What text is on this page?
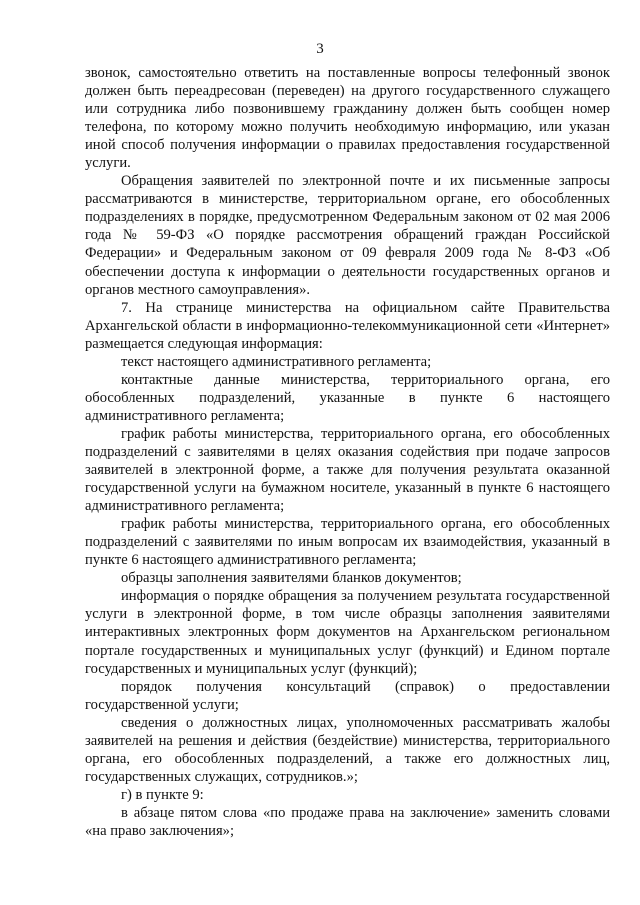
3

звонок, самостоятельно ответить на поставленные вопросы телефонный звонок должен быть переадресован (переведен) на другого государственного служащего или сотрудника либо позвонившему гражданину должен быть сообщен номер телефона, по которому можно получить необходимую информацию, или указан иной способ получения информации о правилах предоставления государственной услуги.

Обращения заявителей по электронной почте и их письменные запросы рассматриваются в министерстве, территориальном органе, его обособленных подразделениях в порядке, предусмотренном Федеральным законом от 02 мая 2006 года № 59-ФЗ «О порядке рассмотрения обращений граждан Российской Федерации» и Федеральным законом от 09 февраля 2009 года № 8-ФЗ «Об обеспечении доступа к информации о деятельности государственных органов и органов местного самоуправления».

7. На странице министерства на официальном сайте Правительства Архангельской области в информационно-телекоммуникационной сети «Интернет» размещается следующая информация:

текст настоящего административного регламента;

контактные данные министерства, территориального органа, его обособленных подразделений, указанные в пункте 6 настоящего административного регламента;

график работы министерства, территориального органа, его обособленных подразделений с заявителями в целях оказания содействия при подаче запросов заявителей в электронной форме, а также для получения результата оказанной государственной услуги на бумажном носителе, указанный в пункте 6 настоящего административного регламента;

график работы министерства, территориального органа, его обособленных подразделений с заявителями по иным вопросам их взаимодействия, указанный в пункте 6 настоящего административного регламента;

образцы заполнения заявителями бланков документов;

информация о порядке обращения за получением результата государственной услуги в электронной форме, в том числе образцы заполнения заявителями интерактивных электронных форм документов на Архангельском региональном портале государственных и муниципальных услуг (функций) и Едином портале государственных и муниципальных услуг (функций);

порядок получения консультаций (справок) о предоставлении государственной услуги;

сведения о должностных лицах, уполномоченных рассматривать жалобы заявителей на решения и действия (бездействие) министерства, территориального органа, его обособленных подразделений, а также его должностных лиц, государственных служащих, сотрудников.»;

г) в пункте 9:

в абзаце пятом слова «по продаже права на заключение» заменить словами «на право заключения»;
